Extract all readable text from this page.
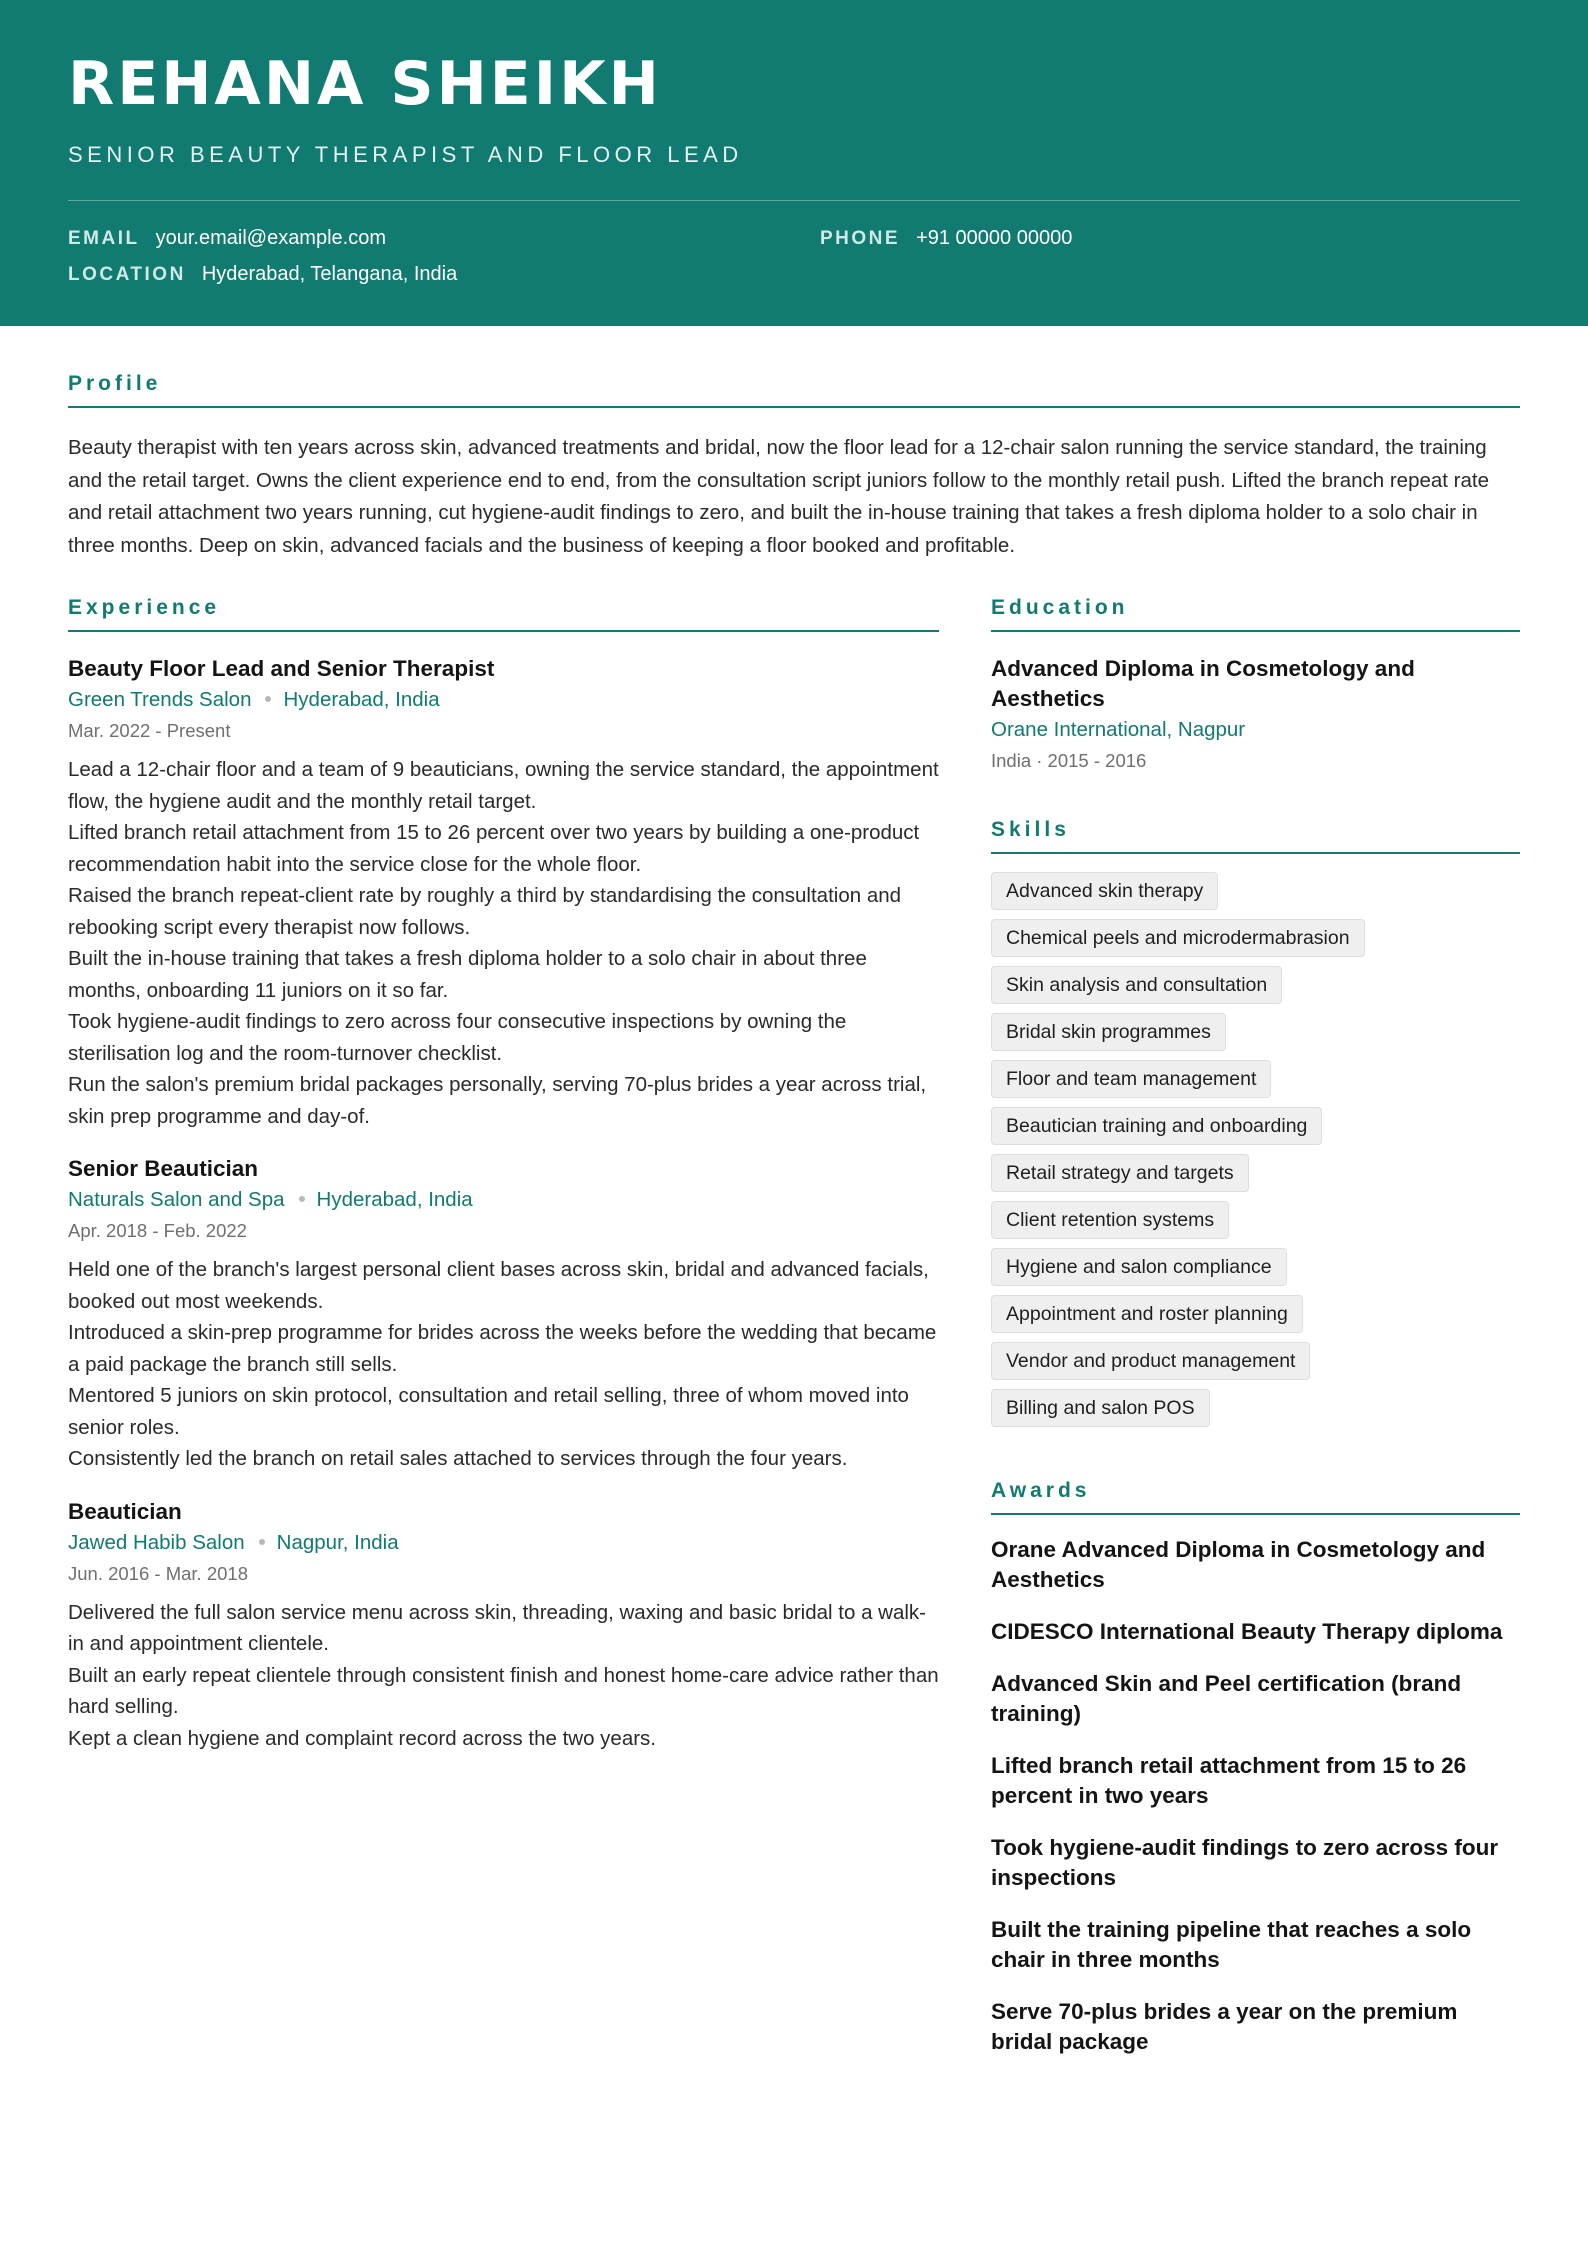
REHANA SHEIKH
SENIOR BEAUTY THERAPIST AND FLOOR LEAD
EMAIL your.email@example.com	PHONE +91 00000 00000
LOCATION Hyderabad, Telangana, India
Profile

Beauty therapist with ten years across skin, advanced treatments and bridal, now the floor lead for a 12-chair salon running the service standard, the training and the retail target. Owns the client experience end to end, from the consultation script juniors follow to the monthly retail push. Lifted the branch repeat rate and retail attachment two years running, cut hygiene-audit findings to zero, and built the in-house training that takes a fresh diploma holder to a solo chair in three months. Deep on skin, advanced facials and the business of keeping a floor booked and profitable.

Experience
Beauty Floor Lead and Senior Therapist
Green Trends Salon Hyderabad, India
Mar. 2022 - Present
Lead a 12-chair floor and a team of 9 beauticians, owning the service standard, the appointment flow, the hygiene audit and the monthly retail target.
Lifted branch retail attachment from 15 to 26 percent over two years by building a one-product recommendation habit into the service close for the whole floor.
Raised the branch repeat-client rate by roughly a third by standardising the consultation and rebooking script every therapist now follows.
Built the in-house training that takes a fresh diploma holder to a solo chair in about three months, onboarding 11 juniors on it so far.
Took hygiene-audit findings to zero across four consecutive inspections by owning the sterilisation log and the room-turnover checklist.
Run the salon's premium bridal packages personally, serving 70-plus brides a year across trial, skin prep programme and day-of.
Senior Beautician
Naturals Salon and Spa Hyderabad, India
Apr. 2018 - Feb. 2022
Held one of the branch's largest personal client bases across skin, bridal and advanced facials, booked out most weekends.
Introduced a skin-prep programme for brides across the weeks before the wedding that became a paid package the branch still sells.
Mentored 5 juniors on skin protocol, consultation and retail selling, three of whom moved into senior roles.
Consistently led the branch on retail sales attached to services through the four years.
Beautician
Jawed Habib Salon Nagpur, India
Jun. 2016 - Mar. 2018
Delivered the full salon service menu across skin, threading, waxing and basic bridal to a walk-in and appointment clientele.
Built an early repeat clientele through consistent finish and honest home-care advice rather than hard selling.
Kept a clean hygiene and complaint record across the two years.
Education
Advanced Diploma in Cosmetology and Aesthetics
Orane International, Nagpur
India · 2015 - 2016
Skills
Advanced skin therapy
Chemical peels and microdermabrasion
Skin analysis and consultation
Bridal skin programmes
Floor and team management
Beautician training and onboarding
Retail strategy and targets
Client retention systems
Hygiene and salon compliance
Appointment and roster planning
Vendor and product management
Billing and salon POS
Awards
Orane Advanced Diploma in Cosmetology and Aesthetics
CIDESCO International Beauty Therapy diploma
Advanced Skin and Peel certification (brand training)
Lifted branch retail attachment from 15 to 26 percent in two years
Took hygiene-audit findings to zero across four inspections
Built the training pipeline that reaches a solo chair in three months
Serve 70-plus brides a year on the premium bridal package
